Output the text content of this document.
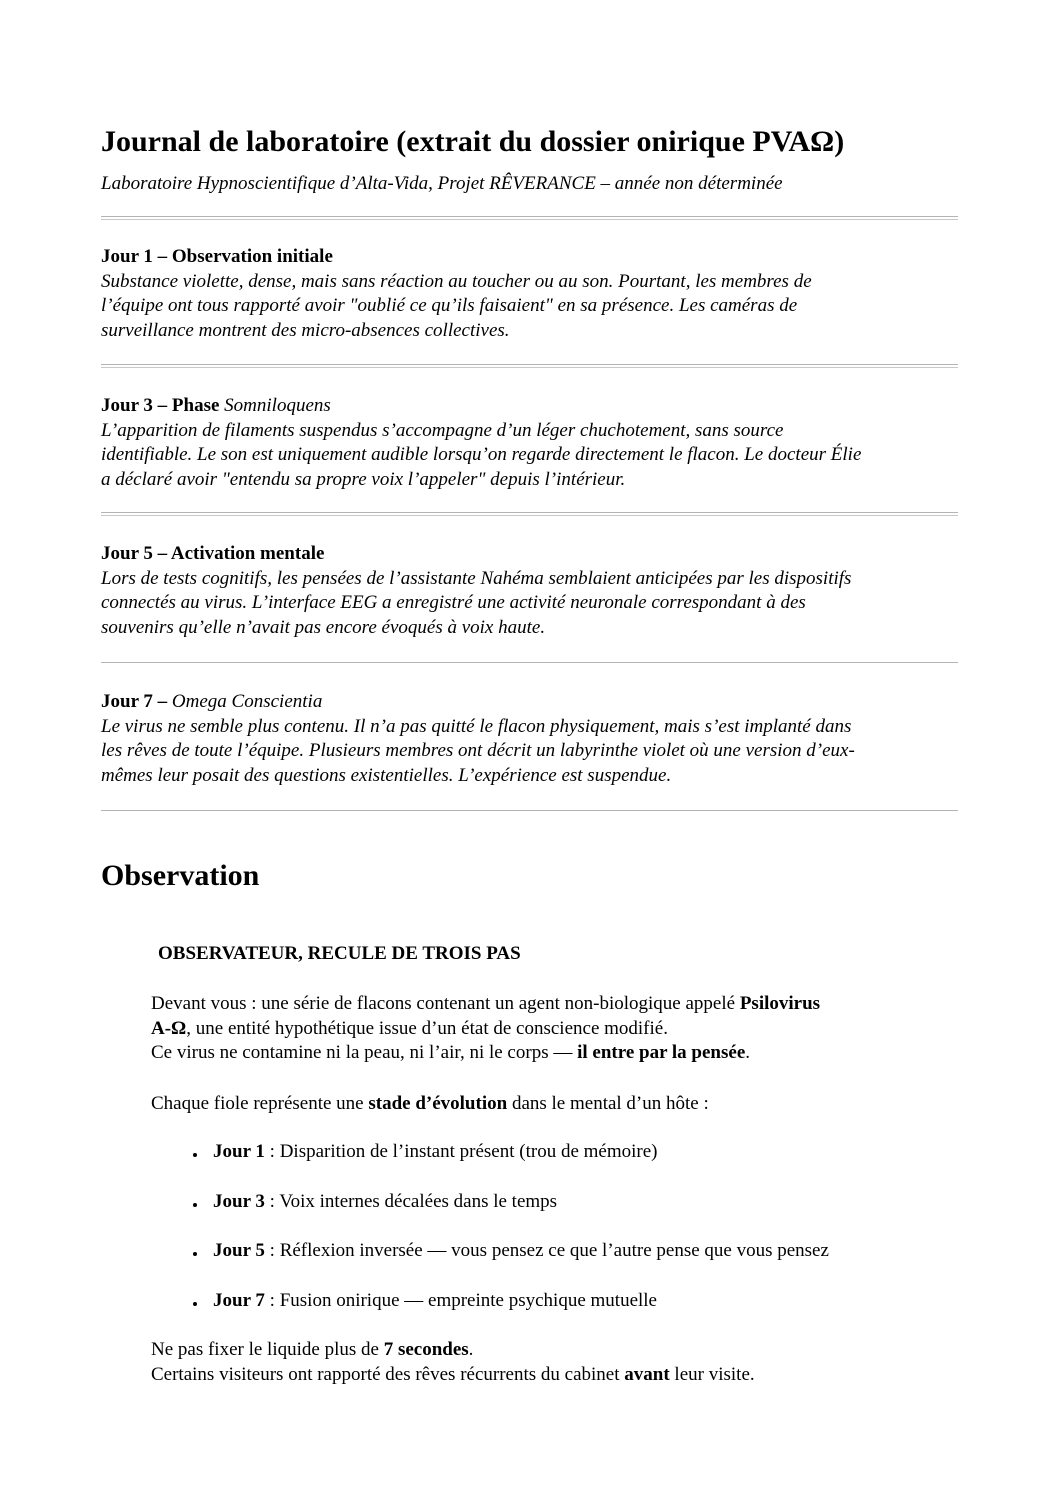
Journal de laboratoire (extrait du dossier onirique PVAΩ)

Laboratoire Hypnoscientifique d’Alta-Vida, Projet RÊVERANCE – année non déterminée

Jour 1 – Observation initiale
Substance violette, dense, mais sans réaction au toucher ou au son. Pourtant, les membres de
l’équipe ont tous rapporté avoir "oublié ce qu’ils faisaient" en sa présence. Les caméras de
surveillance montrent des micro-absences collectives.
Jour 3 – Phase Somniloquens
L’apparition de filaments suspendus s’accompagne d’un léger chuchotement, sans source
identifiable. Le son est uniquement audible lorsqu’on regarde directement le flacon. Le docteur Élie
a déclaré avoir "entendu sa propre voix l’appeler" depuis l’intérieur.
Jour 5 – Activation mentale
Lors de tests cognitifs, les pensées de l’assistante Nahéma semblaient anticipées par les dispositifs
connectés au virus. L’interface EEG a enregistré une activité neuronale correspondant à des
souvenirs qu’elle n’avait pas encore évoqués à voix haute.
Jour 7 – Omega Conscientia
Le virus ne semble plus contenu. Il n’a pas quitté le flacon physiquement, mais s’est implanté dans
les rêves de toute l’équipe. Plusieurs membres ont décrit un labyrinthe violet où une version d’eux-
mêmes leur posait des questions existentielles. L’expérience est suspendue.
Observation

OBSERVATEUR, RECULE DE TROIS PAS

Devant vous : une série de flacons contenant un agent non-biologique appelé Psilovirus
A-Ω, une entité hypothétique issue d’un état de conscience modifié.
Ce virus ne contamine ni la peau, ni l’air, ni le corps — il entre par la pensée.

Chaque fiole représente une stade d’évolution dans le mental d’un hôte :

Jour 1 : Disparition de l’instant présent (trou de mémoire)

Jour 3 : Voix internes décalées dans le temps

Jour 5 : Réflexion inversée — vous pensez ce que l’autre pense que vous pensez

Jour 7 : Fusion onirique — empreinte psychique mutuelle

Ne pas fixer le liquide plus de 7 secondes.
Certains visiteurs ont rapporté des rêves récurrents du cabinet avant leur visite.
